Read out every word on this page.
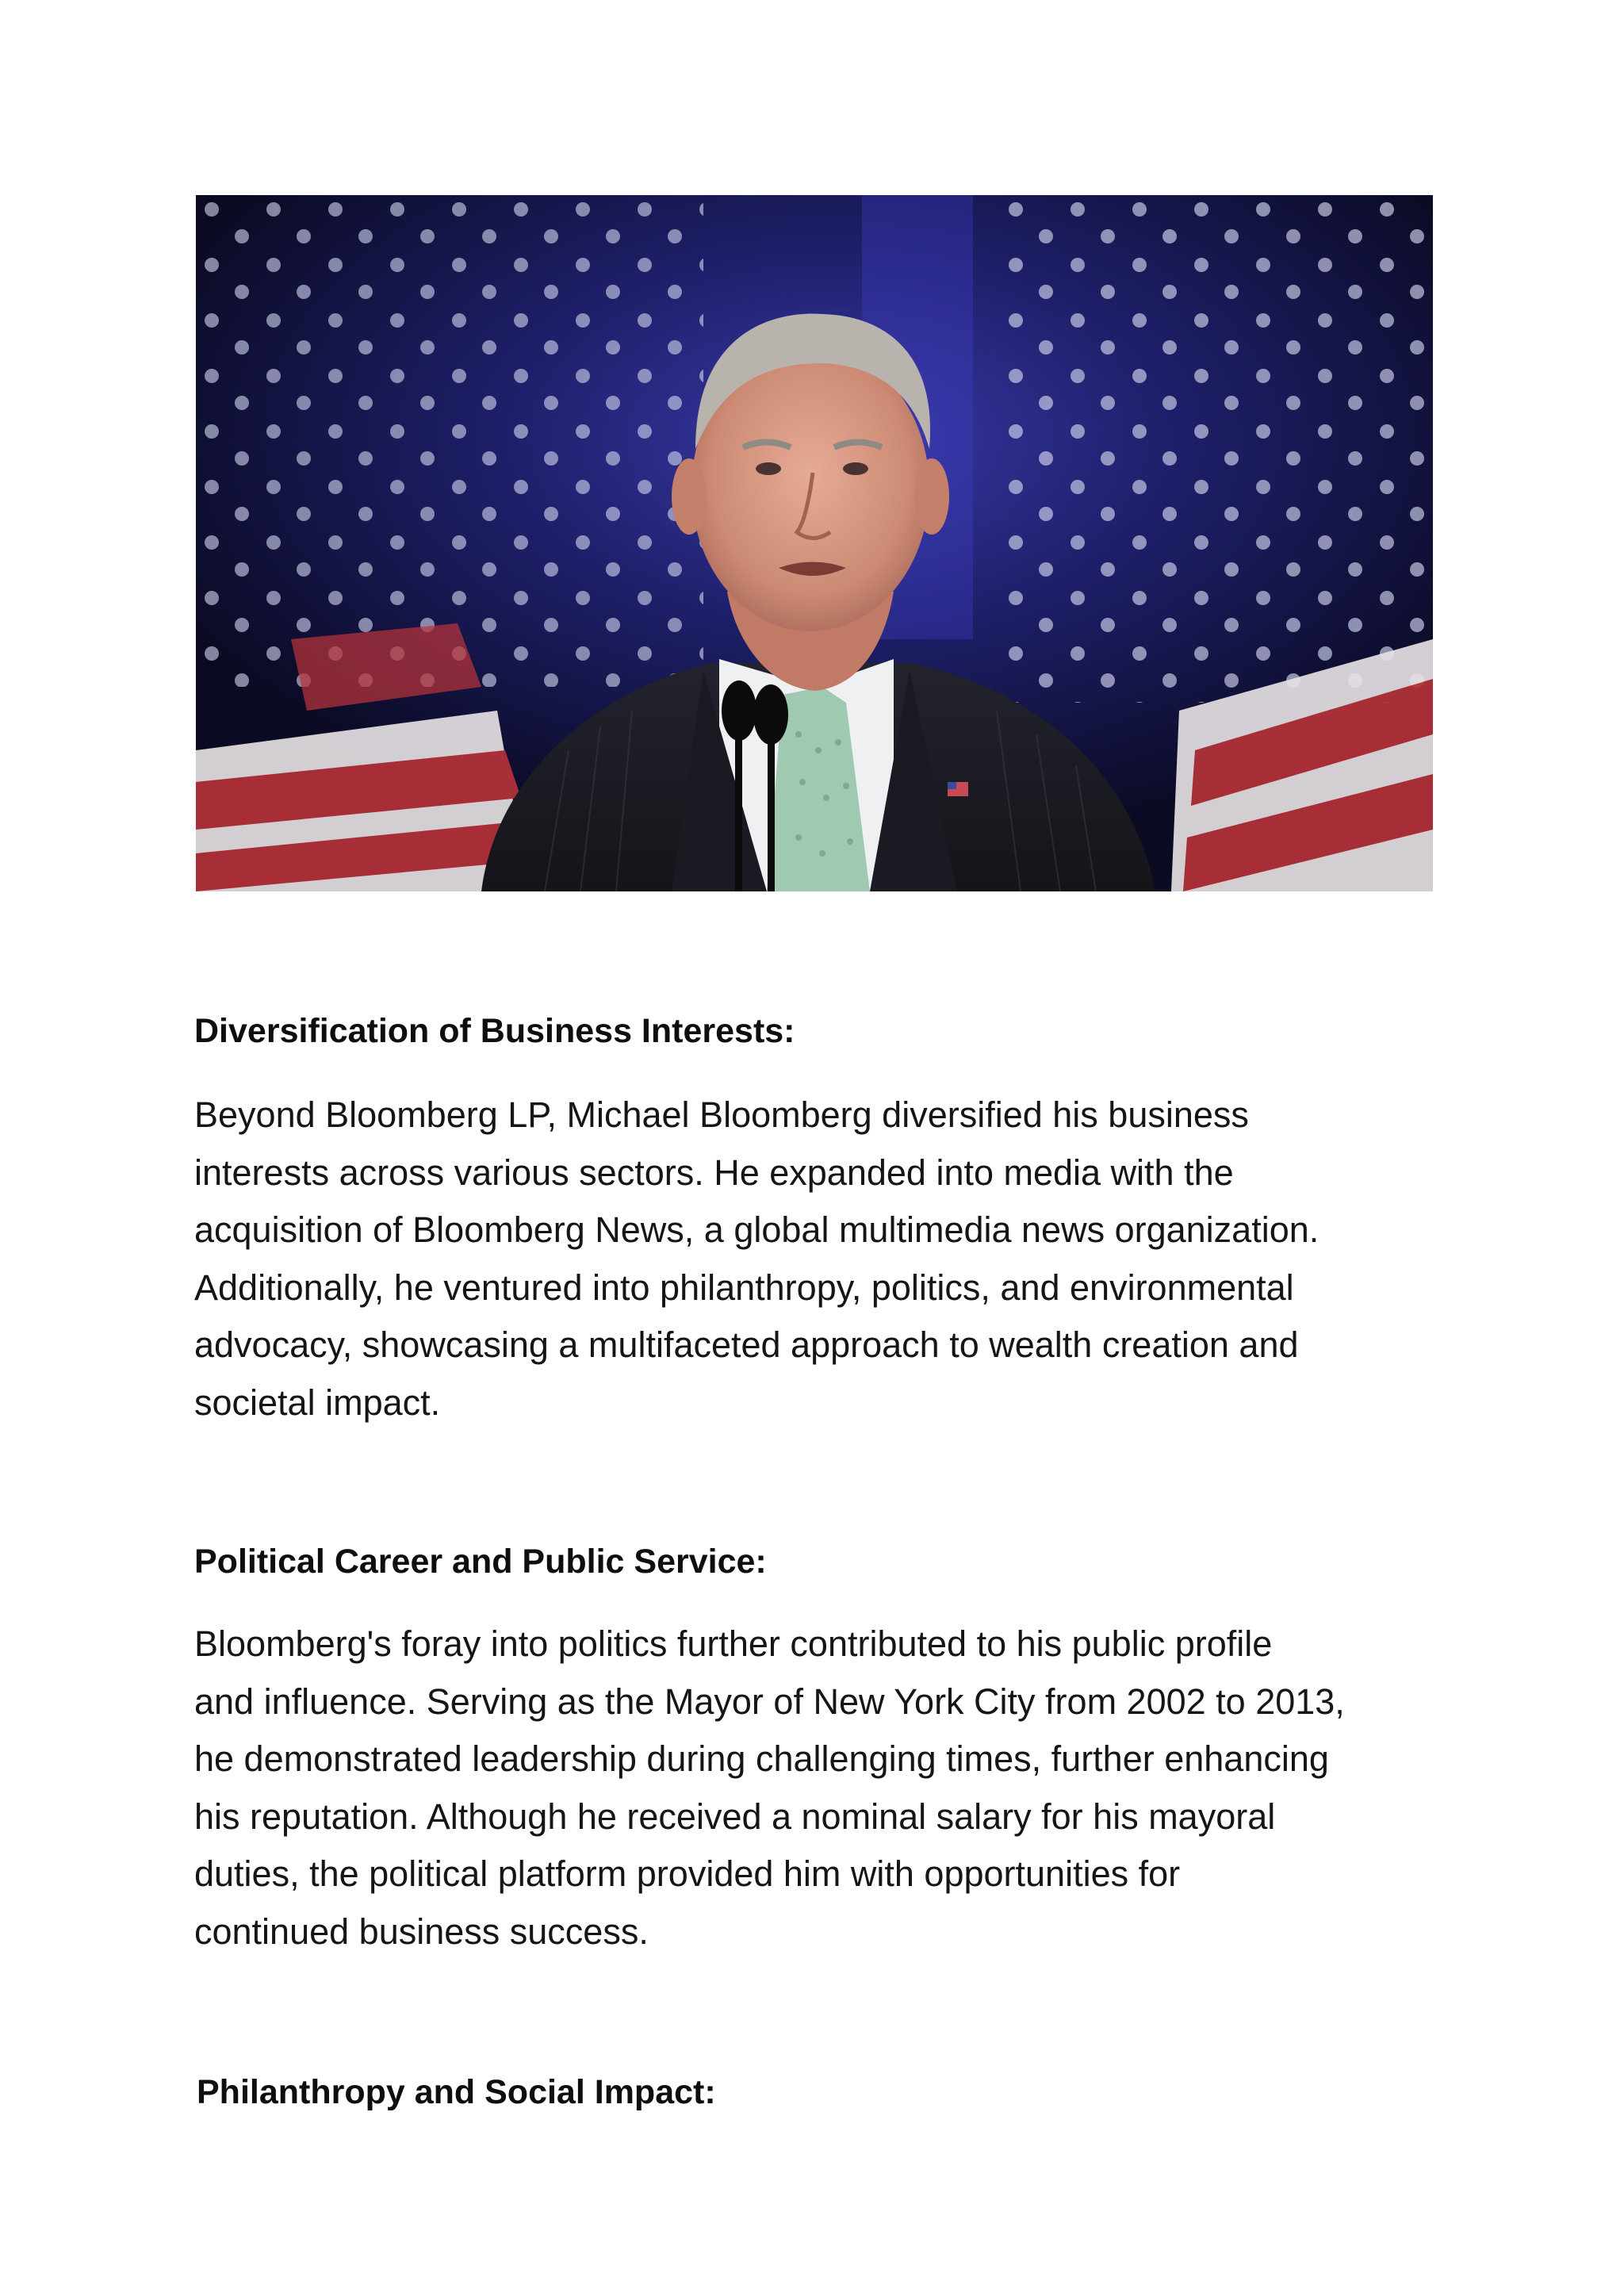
Diversification of Business Interests:
Beyond Bloomberg LP, Michael Bloomberg diversified his business
interests across various sectors. He expanded into media with the
acquisition of Bloomberg News, a global multimedia news organization.
Additionally, he ventured into philanthropy, politics, and environmental
advocacy, showcasing a multifaceted approach to wealth creation and
societal impact.
Political Career and Public Service:
Bloomberg's foray into politics further contributed to his public profile
and influence. Serving as the Mayor of New York City from 2002 to 2013,
he demonstrated leadership during challenging times, further enhancing
his reputation. Although he received a nominal salary for his mayoral
duties, the political platform provided him with opportunities for
continued business success.
Philanthropy and Social Impact:
